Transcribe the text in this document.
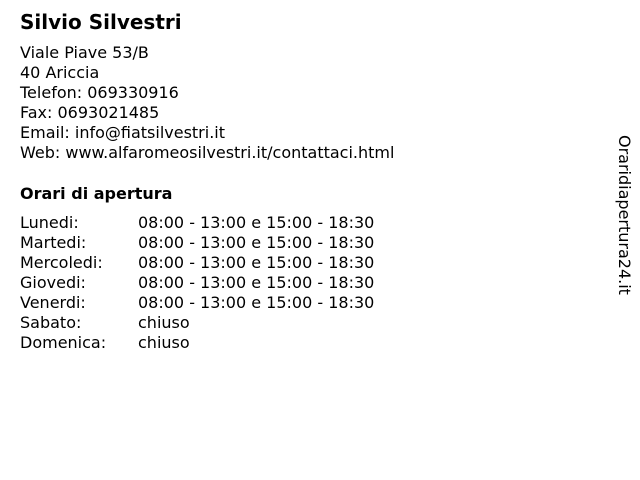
Silvio Silvestri
Viale Piave 53/B
40 Ariccia
Telefon: 069330916
Fax: 0693021485
Email: info@fiatsilvestri.it
Web: www.alfaromeosilvestri.it/contattaci.html
Orari di apertura
Lunedi:	08:00 - 13:00 e 15:00 - 18:30
Martedi:	08:00 - 13:00 e 15:00 - 18:30
Mercoledi: 08:00 - 13:00 e 15:00 - 18:30
Giovedi:	08:00 - 13:00 e 15:00 - 18:30
Venerdi:	08:00 - 13:00 e 15:00 - 18:30
Sabato:	chiuso
Domenica: chiuso
Oraridiapertura24.it
